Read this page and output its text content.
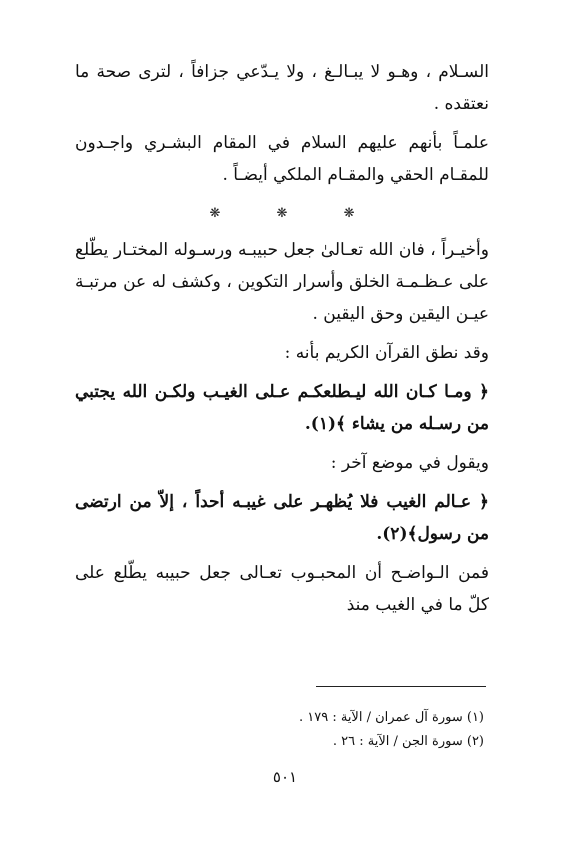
السـلام ، وهـو لا يبـالـغ ، ولا يـدّعي جزافاً ، لترى صحة ما نعتقده .

علمـاً بأنهم عليهم السلام في المقام البشـري واجـدون للمقـام الحقي والمقـام الملكي أيضـاً .

❋ ❋ ❋

وأخيـراً ، فان الله تعـالىٰ جعل حبيبـه ورسـوله المختـار يطّلع على عـظـمـة الخلق وأسرار التكوين ، وكشف له عن مرتبـة عيـن اليقين وحق اليقين .

وقد نطق القرآن الكريم بأنه :

﴿ ومـا كـان الله ليـطلعكـم عـلى الغيـب ولكـن الله يجتبي من رسـله من يشاء ﴾(١).

ويقول في موضع آخر :

﴿ عـالم الغيب فلا يُظهـر على غيبـه أحداً ، إلاّ من ارتضى من رسول﴾(٢).

فمن الـواضـح أن المحبـوب تعـالى جعل حبيبه يطّلع على كلّ ما في الغيب منذ

(١) سورة آل عمران / الآية : ١٧٩ .
(٢) سورة الجن / الآية : ٢٦ .
٥٠١
